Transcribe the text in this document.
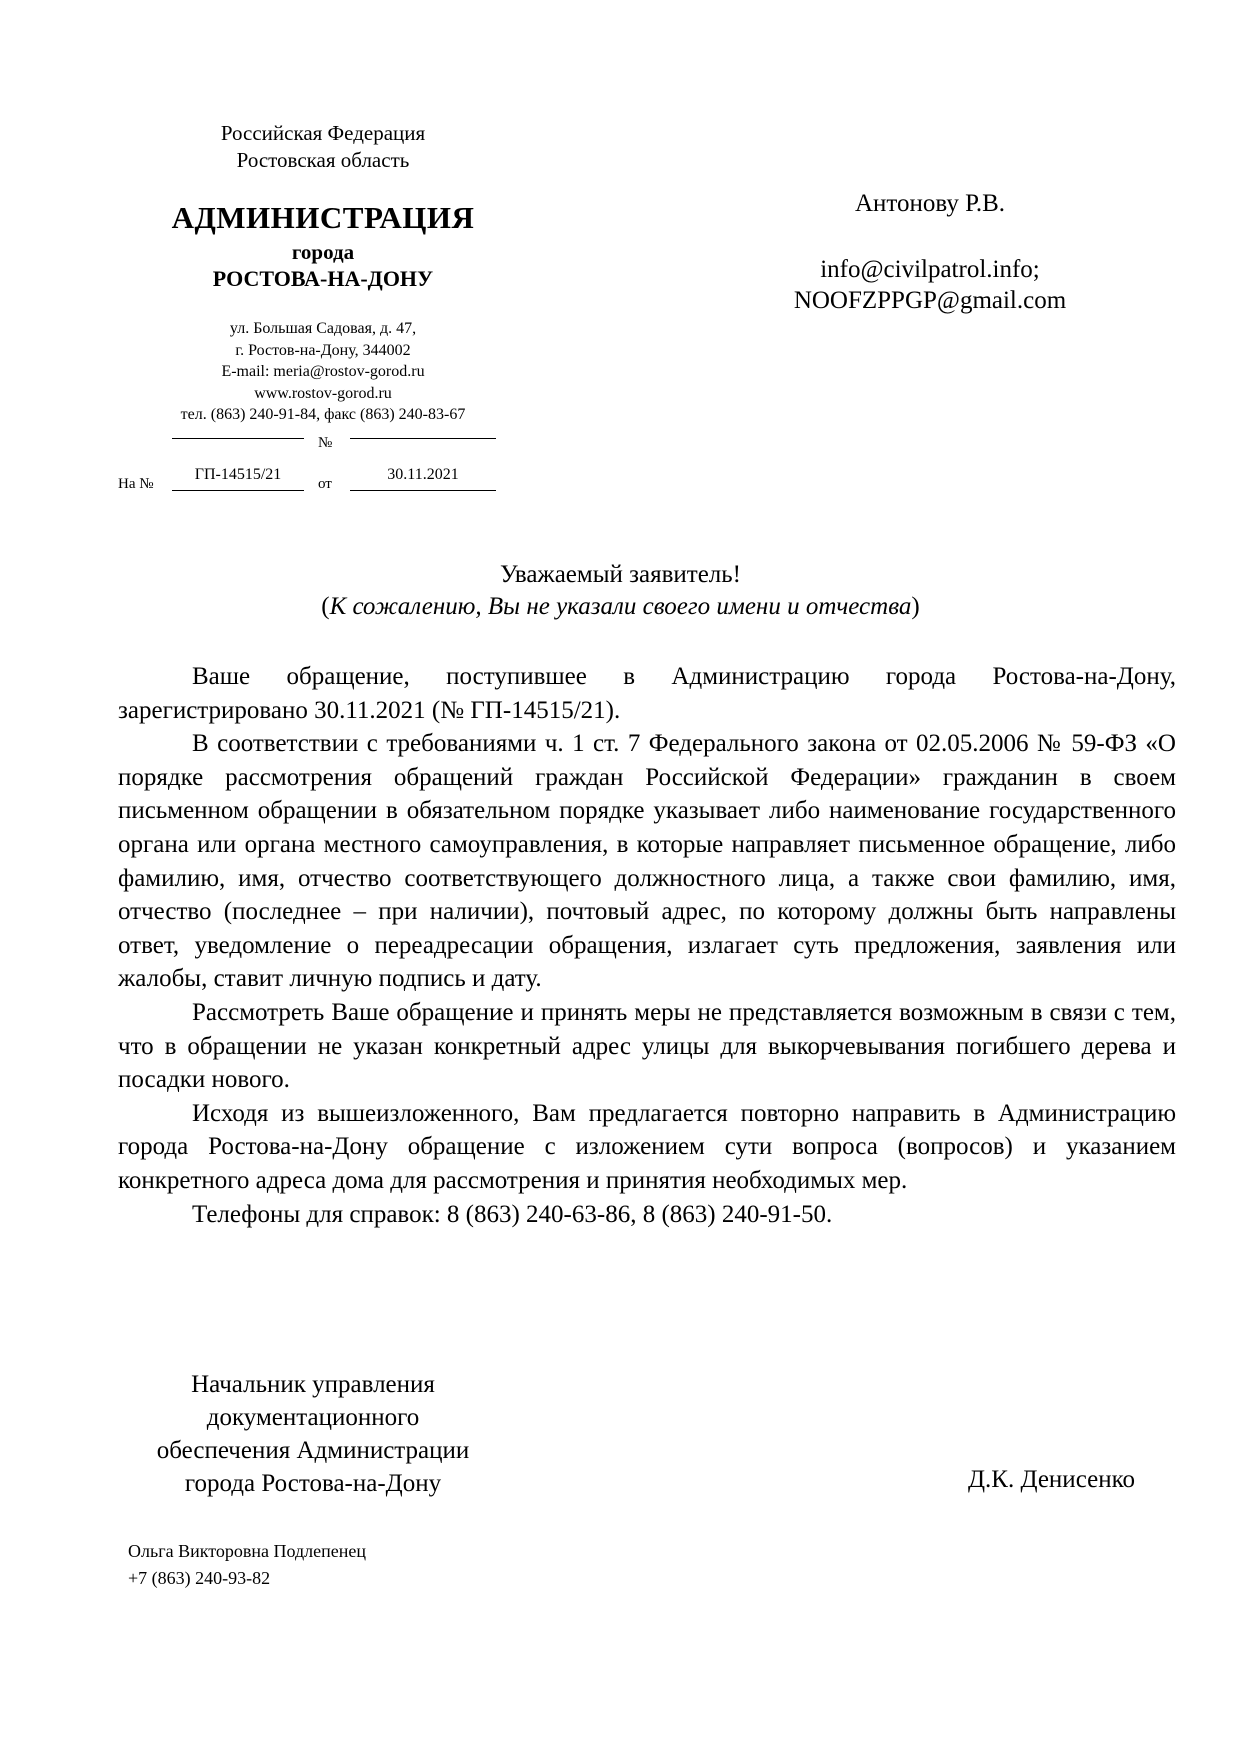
Российская Федерация
Ростовская область
АДМИНИСТРАЦИЯ
города
РОСТОВА-НА-ДОНУ
ул. Большая Садовая, д. 47,
г. Ростов-на-Дону, 344002
E-mail: meria@rostov-gorod.ru
www.rostov-gorod.ru
тел. (863) 240-91-84, факс (863) 240-83-67
№
На №
ГП-14515/21
от
30.11.2021
Антонову Р.В.
info@civilpatrol.info;
NOOFZPPGP@gmail.com
Уважаемый заявитель!
(К сожалению, Вы не указали своего имени и отчества)

Ваше обращение, поступившее в Администрацию города Ростова-на-Дону, зарегистрировано 30.11.2021 (№ ГП-14515/21).

В соответствии с требованиями ч. 1 ст. 7 Федерального закона от 02.05.2006 № 59-ФЗ «О порядке рассмотрения обращений граждан Российской Федерации» гражданин в своем письменном обращении в обязательном порядке указывает либо наименование государственного органа или органа местного самоуправления, в которые направляет письменное обращение, либо фамилию, имя, отчество соответствующего должностного лица, а также свои фамилию, имя, отчество (последнее – при наличии), почтовый адрес, по которому должны быть направлены ответ, уведомление о переадресации обращения, излагает суть предложения, заявления или жалобы, ставит личную подпись и дату.

Рассмотреть Ваше обращение и принять меры не представляется возможным в связи с тем, что в обращении не указан конкретный адрес улицы для выкорчевывания погибшего дерева и посадки нового.

Исходя из вышеизложенного, Вам предлагается повторно направить в Администрацию города Ростова-на-Дону обращение с изложением сути вопроса (вопросов) и указанием конкретного адреса дома для рассмотрения и принятия необходимых мер.

Телефоны для справок: 8 (863) 240-63-86, 8 (863) 240-91-50.

Начальник управления
документационного
обеспечения Администрации
города Ростова-на-Дону	Д.К. Денисенко
Ольга Викторовна Подлепенец
+7 (863) 240-93-82
